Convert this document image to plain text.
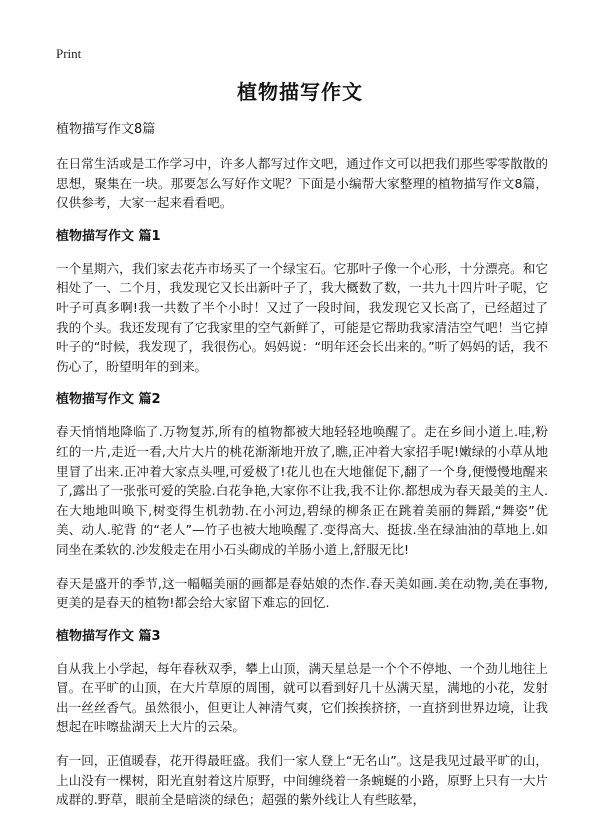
Print
植物描写作文
植物描写作文8篇

在日常生活或是工作学习中，许多人都写过作文吧，通过作文可以把我们那些零零散散的思想，聚集在一块。那要怎么写好作文呢？下面是小编帮大家整理的植物描写作文8篇，仅供参考，大家一起来看看吧。

植物描写作文 篇1

一个星期六，我们家去花卉市场买了一个绿宝石。它那叶子像一个心形，十分漂亮。和它相处了一、二个月，我发现它又长出新叶子了，我大概数了数，一共九十四片叶子呢，它叶子可真多啊!我一共数了半个小时！又过了一段时间，我发现它又长高了，已经超过了我的个头。我还发现有了它我家里的空气新鲜了，可能是它帮助我家清洁空气吧！当它掉叶子的“时候，我发现了，我很伤心。妈妈说：“明年还会长出来的。”听了妈妈的话，我不伤心了，盼望明年的到来。

植物描写作文 篇2

春天悄悄地降临了.万物复苏,所有的植物都被大地轻轻地唤醒了。走在乡间小道上.哇,粉红的一片,走近一看,大片大片的桃花渐渐地开放了,瞧,正冲着大家招手呢!嫩绿的小草从地里冒了出来.正冲着大家点头哩,可爱极了!花儿也在大地催促下,翻了一个身,便慢慢地醒来了,露出了一张张可爱的笑脸.白花争艳,大家你不让我,我不让你.都想成为春天最美的主人.在大地地叫唤下,树变得生机勃勃.在小河边,碧绿的柳条正在跳着美丽的舞蹈,“舞姿”优美、动人.驼背 的“老人”—竹子也被大地唤醒了.变得高大、挺拔.坐在绿油油的草地上.如同坐在柔软的.沙发般走在用小石头砌成的羊肠小道上,舒服无比!

春天是盛开的季节,这一幅幅美丽的画都是春姑娘的杰作.春天美如画.美在动物,美在事物,更美的是春天的植物!都会给大家留下难忘的回忆.

植物描写作文 篇3

自从我上小学起，每年春秋双季，攀上山顶，满天星总是一个个不停地、一个劲儿地往上冒。在平旷的山顶，在大片草原的周围，就可以看到好几十丛满天星，满地的小花，发射出一丝丝香气。虽然很小，但更让人神清气爽，它们挨挨挤挤，一直挤到世界边境，让我想起在咔嚓盐湖天上大片的云朵。

有一回，正值暖春，花开得最旺盛。我们一家人登上“无名山”。这是我见过最平旷的山，上山没有一棵树，阳光直射着这片原野，中间缠绕着一条蜿蜒的小路，原野上只有一大片成群的.野草，眼前全是暗淡的绿色；超强的紫外线让人有些眩晕，
